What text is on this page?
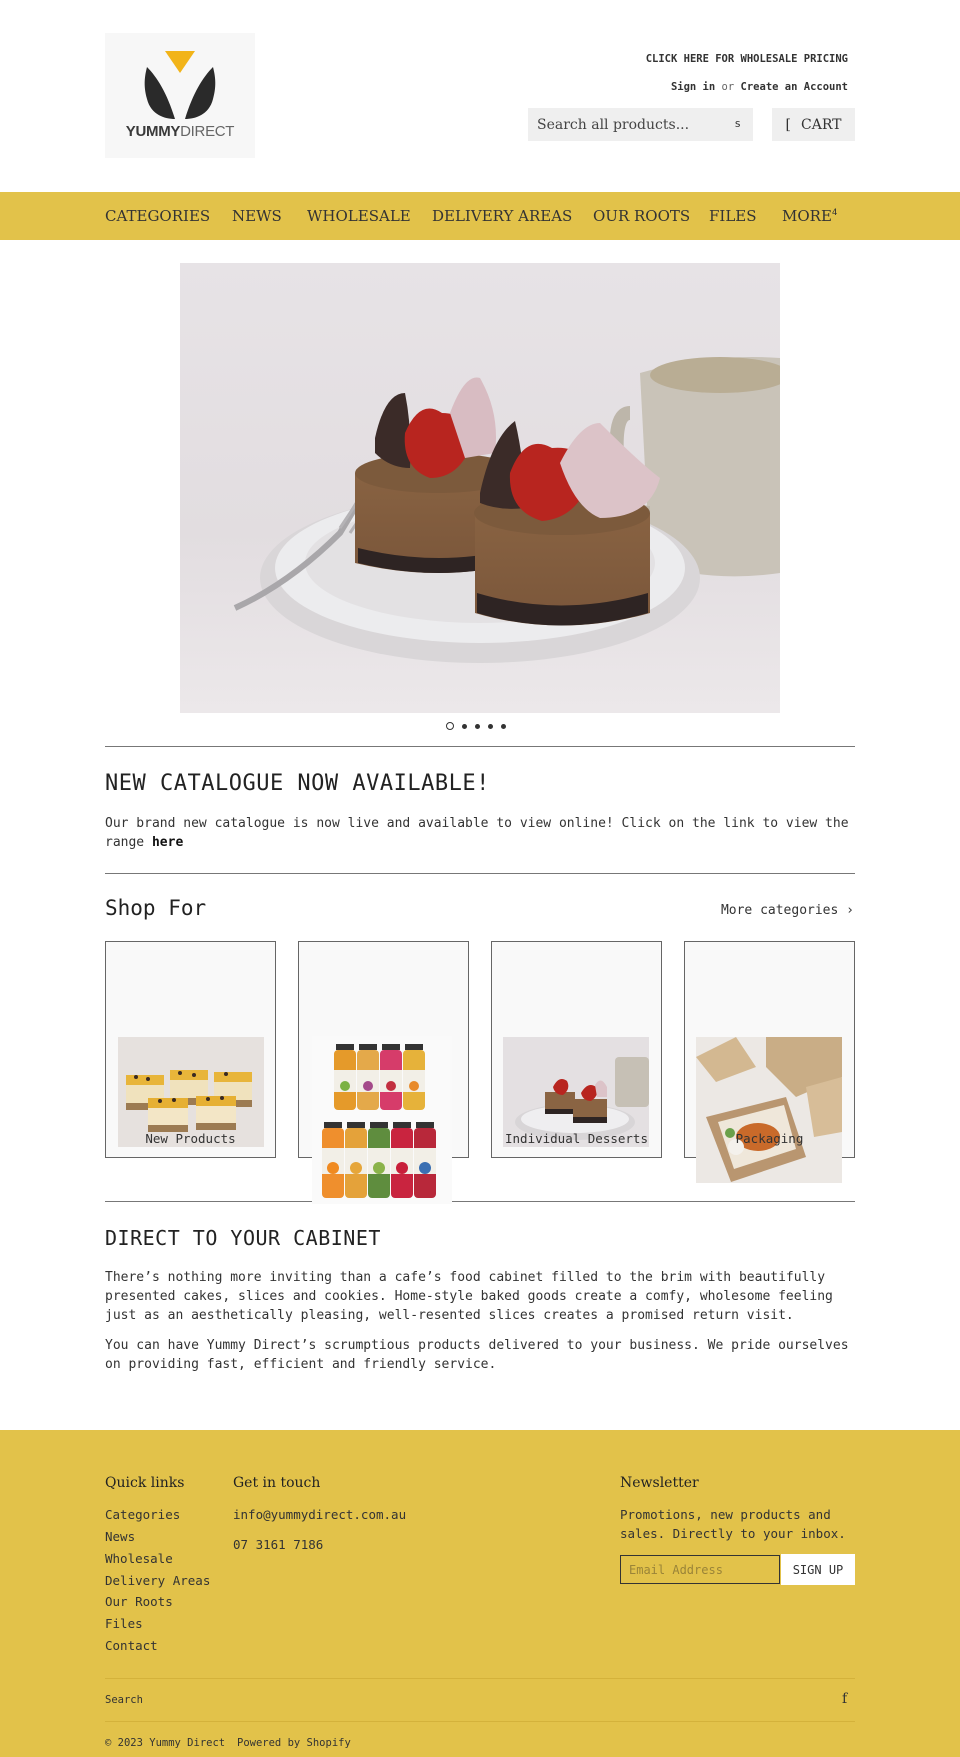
YUMMYDIRECT
CLICK HERE FOR WHOLESALE PRICING
Sign in or Create an Account
Search all products...
s	[ CART
CATEGORIES NEWS WHOLESALE DELIVERY AREAS OUR ROOTS FILES MORE$^4$
NEW CATALOGUE NOW AVAILABLE!
Our brand new catalogue is now live and available to view online! Click on the link to view the range here
Shop For	More categories ›
New Products	Individual Desserts	Packaging
DIRECT TO YOUR CABINET
There’s nothing more inviting than a cafe’s food cabinet filled to the brim with beautifully presented cakes, slices and cookies. Home-style baked goods create a comfy, wholesome feeling just as an aesthetically pleasing, well-resented slices creates a promised return visit.
You can have Yummy Direct’s scrumptious products delivered to your business. We pride ourselves on providing fast, efficient and friendly service.
Quick links
Categories
News
Wholesale
Delivery Areas
Our Roots
Files
Contact
Get in touch
info@yummydirect.com.au
07 3161 7186
Newsletter
Promotions, new products and sales. Directly to your inbox.
Email Address
SIGN UP
Search	f
© 2023 Yummy Direct Powered by Shopify
